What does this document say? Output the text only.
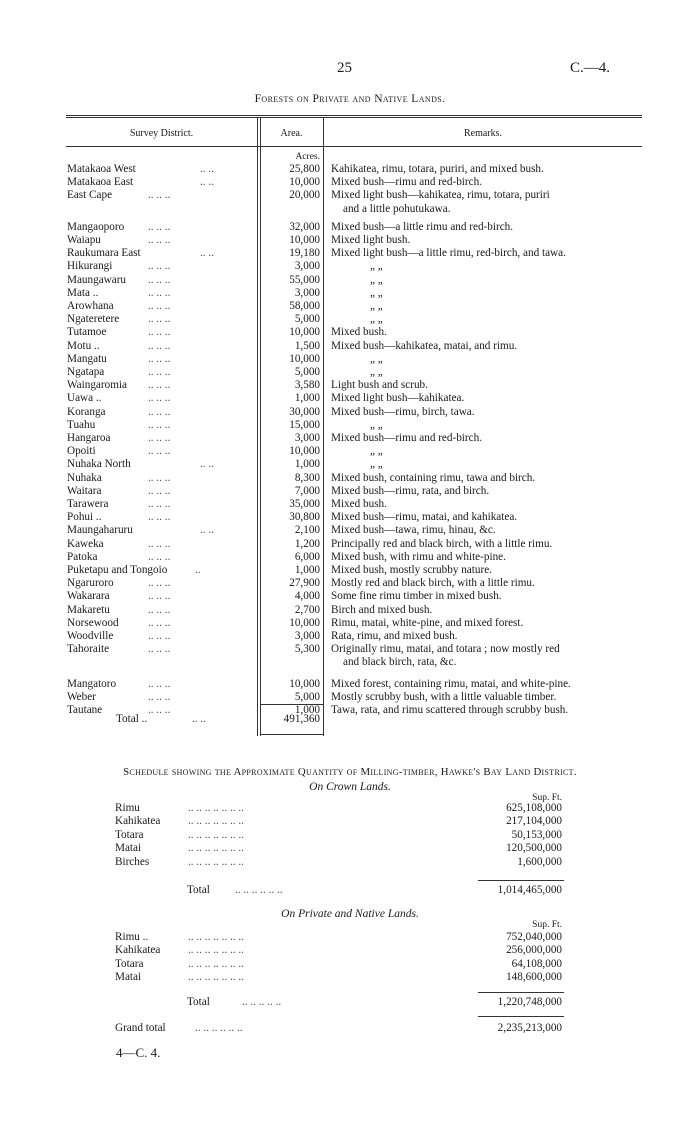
25	C.—4.
Forests on Private and Native Lands.
Survey District.	Area.	Remarks.
Acres.
Matakaoa West	.. ..	25,800 Kahikatea, rimu, totara, puriri, and mixed bush.
Matakaoa East	.. ..	10,000 Mixed bush—rimu and red-birch.
East Cape	.. .. ..	20,000 Mixed light bush—kahikatea, rimu, totara, puriri
and a little pohutukawa.
Mangaoporo .. .. ..	32,000 Mixed bush—a little rimu and red-birch.
Waiapu	.. .. ..	10,000 Mixed light bush.
Raukumara East	.. ..	19,180 Mixed light bush—a little rimu, red-birch, and tawa.
Hikurangi	.. .. ..	3,000	„ „
Maungawaru .. .. ..	55,000	„ „
Mata ..	.. .. ..	3,000	„ „
Arowhana	.. .. ..	58,000	„ „
Ngateretere	.. .. ..	5,000	„ „
Tutamoe	.. .. ..	10,000 Mixed bush.
Motu ..	.. .. ..	1,500 Mixed bush—kahikatea, matai, and rimu.
Mangatu	.. .. ..	10,000	„ „
Ngatapa	.. .. ..	5,000	„ „
Waingaromia .. .. ..	3,580 Light bush and scrub.
Uawa ..	.. .. ..	1,000 Mixed light bush—kahikatea.
Koranga	.. .. ..	30,000 Mixed bush—rimu, birch, tawa.
Tuahu	.. .. ..	15,000	„ „
Hangaroa	.. .. ..	3,000 Mixed bush—rimu and red-birch.
Opoiti	.. .. ..	10,000	„ „
Nuhaka North	.. ..	1,000	„ „
Nuhaka	.. .. ..	8,300 Mixed bush, containing rimu, tawa and birch.
Waitara	.. .. ..	7,000 Mixed bush—rimu, rata, and birch.
Tarawera	.. .. ..	35,000 Mixed bush.
Pohui ..	.. .. ..	30,800 Mixed bush—rimu, matai, and kahikatea.
Maungaharuru	.. ..	2,100 Mixed bush—tawa, rimu, hinau, &c.
Kaweka	.. .. ..	1,200 Principally red and black birch, with a little rimu.
Patoka	.. .. ..	6,000 Mixed bush, with rimu and white-pine.
Puketapu and Tongoio ..	1,000 Mixed bush, mostly scrubby nature.
Ngaruroro	.. .. ..	27,900 Mostly red and black birch, with a little rimu.
Wakarara	.. .. ..	4,000 Some fine rimu timber in mixed bush.
Makaretu	.. .. ..	2,700 Birch and mixed bush.
Norsewood	.. .. ..	10,000 Rimu, matai, white-pine, and mixed forest.
Woodville	.. .. ..	3,000 Rata, rimu, and mixed bush.
Tahoraite	.. .. ..	5,300 Originally rimu, matai, and totara ; now mostly red
and black birch, rata, &c.
Mangatoro	.. .. ..	10,000 Mixed forest, containing rimu, matai, and white-pine.
Weber	.. .. ..	5,000 Mostly scrubby bush, with a little valuable timber.
Tautane	.. .. ..	1,000 Tawa, rata, and rimu scattered through scrubby bush.
Total ..	.. ..	491,360
Schedule showing the Approximate Quantity of Milling-timber, Hawke's Bay Land District.
On Crown Lands.
Sup. Ft.
Rimu	.. .. .. .. .. .. ..	625,108,000
Kahikatea .. .. .. .. .. .. ..	217,104,000
Totara	.. .. .. .. .. .. ..	50,153,000
Matai	.. .. .. .. .. .. ..	120,500,000
Birches	.. .. .. .. .. .. ..	1,600,000
Total .. .. .. .. .. ..	1,014,465,000
On Private and Native Lands.
Sup. Ft.
Rimu ..	.. .. .. .. .. .. ..	752,040,000
Kahikatea .. .. .. .. .. .. ..	256,000,000
Totara	.. .. .. .. .. .. ..	64,108,000
Matai	.. .. .. .. .. .. ..	148,600,000
Total	.. .. .. .. ..	1,220,748,000
Grand total	.. .. .. .. .. ..	2,235,213,000
4—C. 4.
